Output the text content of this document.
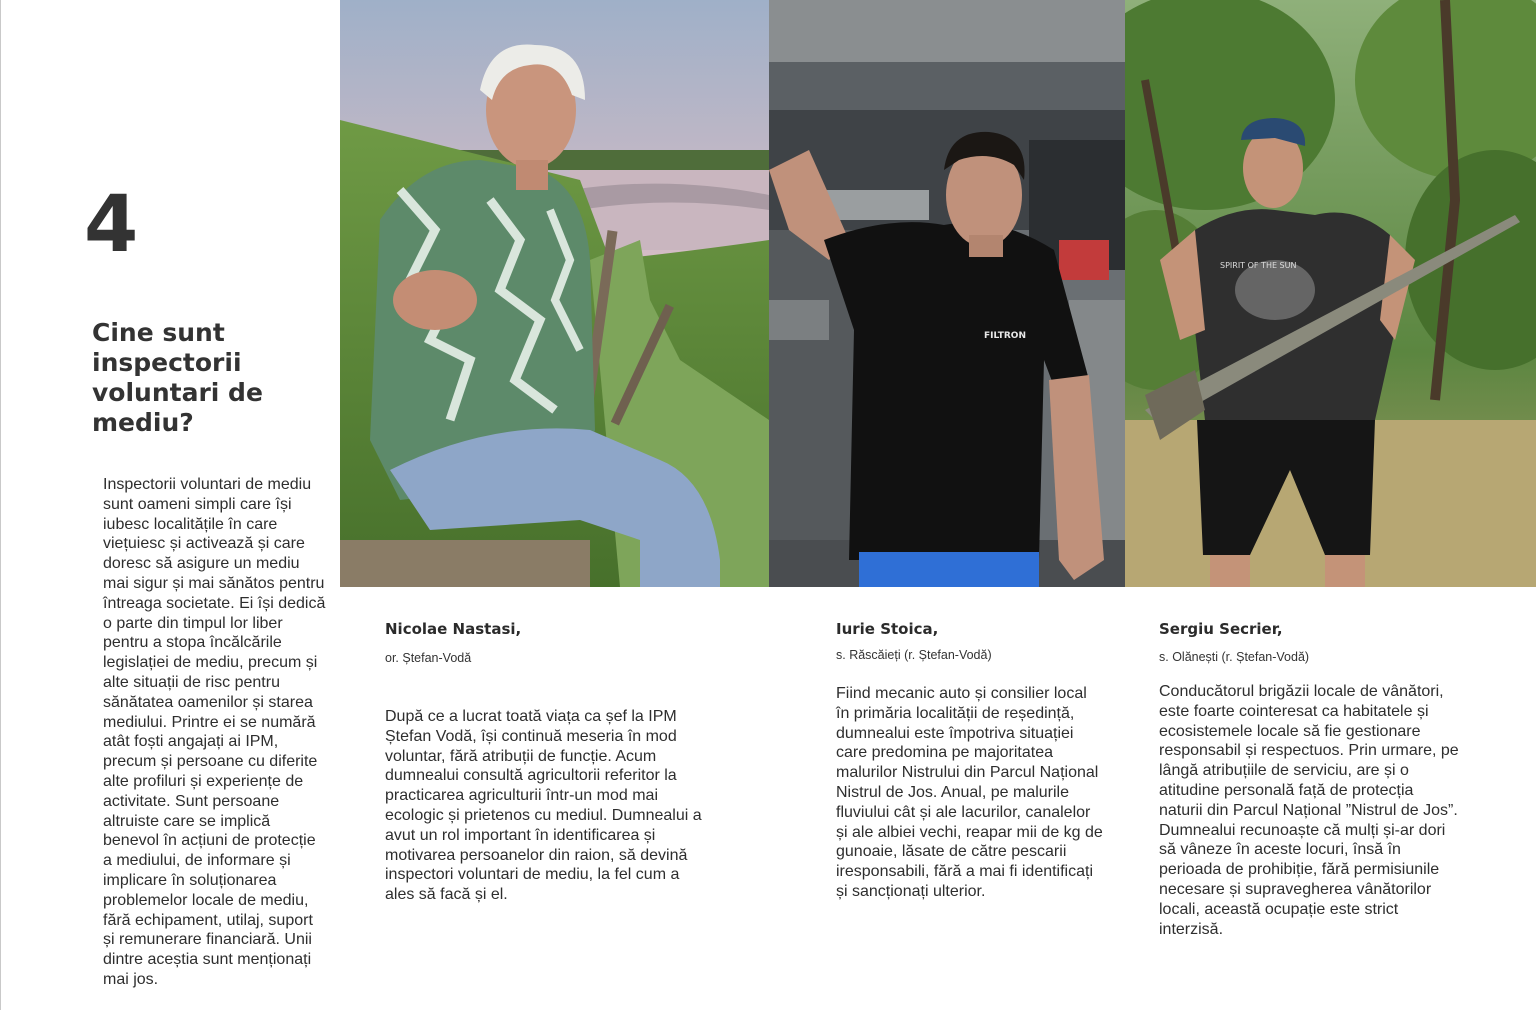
4
Cine sunt inspectorii voluntari de mediu?
Inspectorii voluntari de mediu sunt oameni simpli care își iubesc localitățile în care viețuiesc și activează și care doresc să asigure un mediu mai sigur și mai sănătos pentru întreaga societate. Ei își dedică o parte din timpul lor liber pentru a stopa încălcările legislației de mediu, precum și alte situații de risc pentru sănătatea oamenilor și starea mediului. Printre ei se numără atât foști angajați ai IPM, precum și persoane cu diferite alte profiluri și experiențe de activitate. Sunt persoane altruiste care se implică benevol în acțiuni de protecție a mediului, de informare și implicare în soluționarea problemelor locale de mediu, fără echipament, utilaj, suport și remunerare financiară. Unii dintre aceștia sunt menționați mai jos.
FILTRON
SPIRIT OF THE SUN
Nicolae Nastasi,
or. Ștefan-Vodă
După ce a lucrat toată viața ca șef la IPM Ștefan Vodă, își continuă meseria în mod voluntar, fără atribuții de funcție. Acum dumnealui consultă agricultorii referitor la practicarea agriculturii într-un mod mai ecologic și prietenos cu mediul. Dumnealui a avut un rol important în identificarea și motivarea persoanelor din raion, să devină inspectori voluntari de mediu, la fel cum a ales să facă și el.
Iurie Stoica,
s. Răscăieți (r. Ștefan-Vodă)
Fiind mecanic auto și consilier local în primăria localității de reședință, dumnealui este împotriva situației care predomina pe majoritatea malurilor Nistrului din Parcul Național Nistrul de Jos. Anual, pe malurile fluviului cât și ale lacurilor, canalelor și ale albiei vechi, reapar mii de kg de gunoaie, lăsate de către pescarii iresponsabili, fără a mai fi identificați și sancționați ulterior.
Sergiu Secrier,
s. Olănești (r. Ștefan-Vodă)
Conducătorul brigăzii locale de vânători, este foarte cointeresat ca habitatele și ecosistemele locale să fie gestionare responsabil și respectuos. Prin urmare, pe lângă atribuțiile de serviciu, are și o atitudine personală față de protecția naturii din Parcul Național ”Nistrul de Jos”. Dumnealui recunoaște că mulți și-ar dori să vâneze în aceste locuri, însă în perioada de prohibiție, fără permisiunile necesare și supravegherea vânătorilor locali, această ocupație este strict interzisă.
